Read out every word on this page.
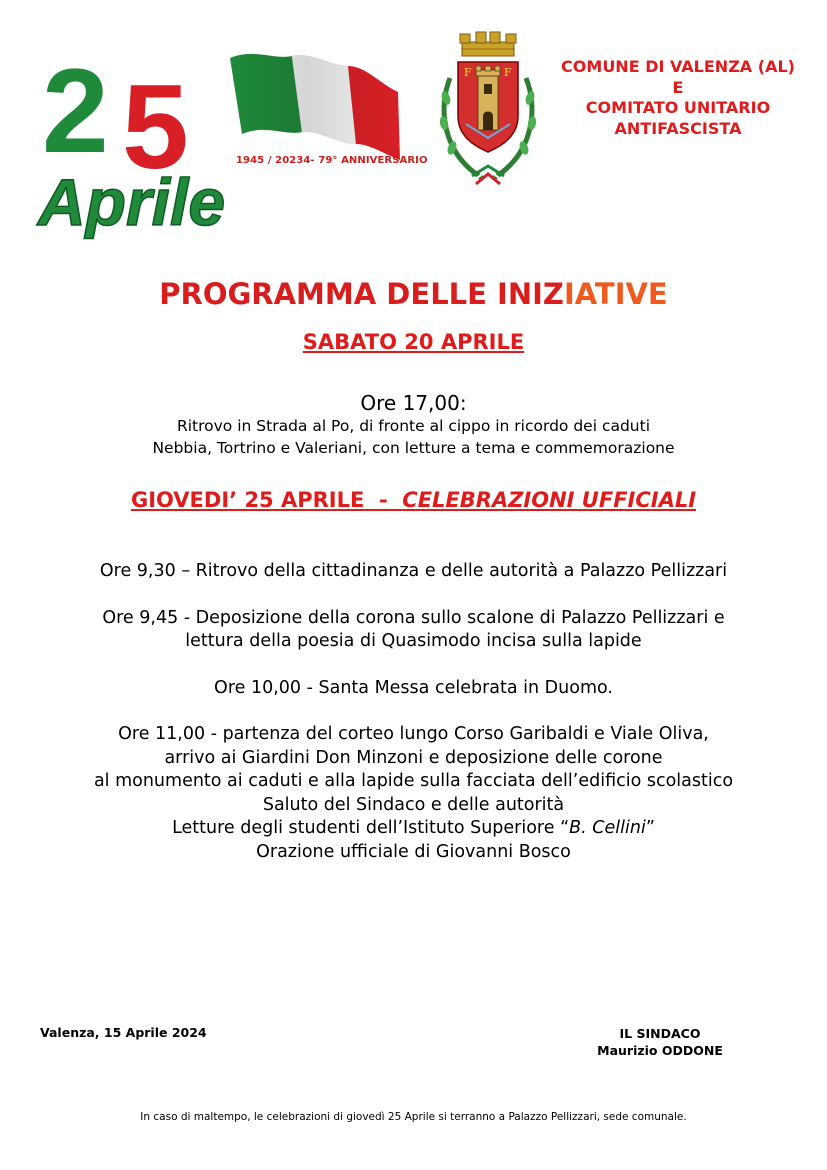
2 5
Aprile
1945 / 20234- 79° ANNIVERSARIO
F	F	COMUNE DI VALENZA (AL)
E
COMITATO UNITARIO
ANTIFASCISTA
PROGRAMMA DELLE INIZIATIVE
SABATO 20 APRILE
Ore 17,00:
Ritrovo in Strada al Po, di fronte al cippo in ricordo dei caduti
Nebbia, Tortrino e Valeriani, con letture a tema e commemorazione
GIOVEDI’ 25 APRILE  -  CELEBRAZIONI UFFICIALI

Ore 9,30 – Ritrovo della cittadinanza e delle autorità a Palazzo Pellizzari

Ore 9,45 - Deposizione della corona sullo scalone di Palazzo Pellizzari e
lettura della poesia di Quasimodo incisa sulla lapide

Ore 10,00 - Santa Messa celebrata in Duomo.

Ore 11,00 - partenza del corteo lungo Corso Garibaldi e Viale Oliva,
arrivo ai Giardini Don Minzoni e deposizione delle corone
al monumento ai caduti e alla lapide sulla facciata dell’edificio scolastico
Saluto del Sindaco e delle autorità
Letture degli studenti dell’Istituto Superiore “B. Cellini”
Orazione ufficiale di Giovanni Bosco

Valenza, 15 Aprile 2024	IL SINDACO
Maurizio ODDONE
In caso di maltempo, le celebrazioni di giovedì 25 Aprile si terranno a Palazzo Pellizzari, sede comunale.
